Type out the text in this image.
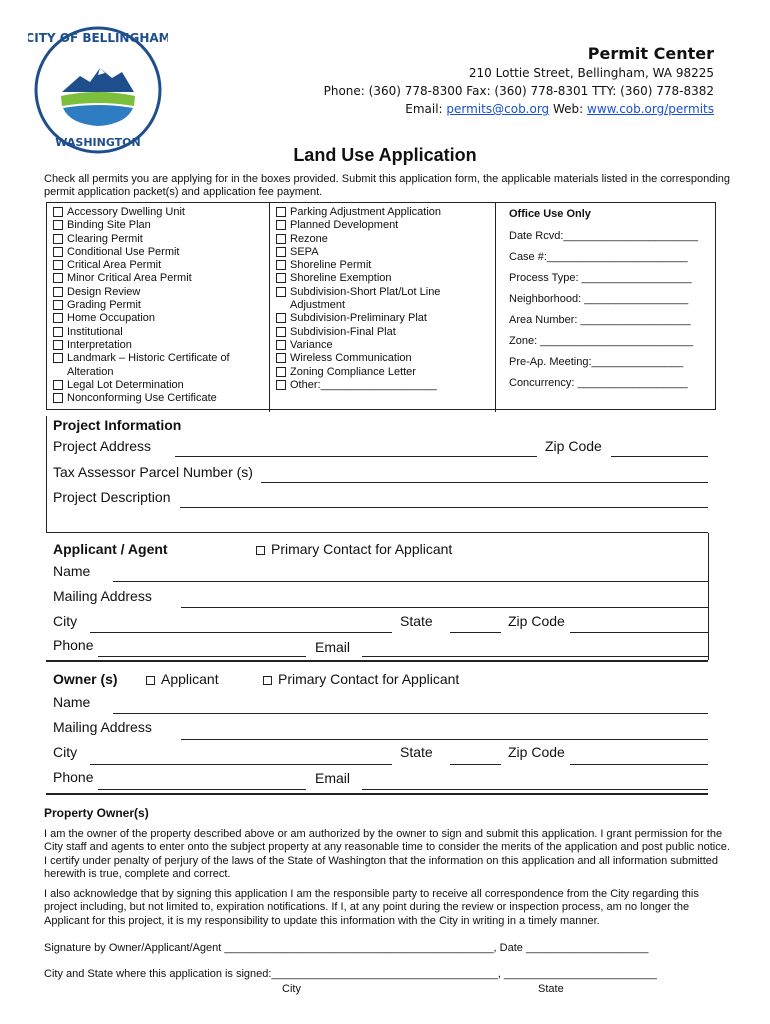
CITY OF BELLINGHAM
WASHINGTON
Permit Center
210 Lottie Street, Bellingham, WA 98225
Phone: (360) 778-8300 Fax: (360) 778-8301 TTY: (360) 778-8382
Email: permits@cob.org Web: www.cob.org/permits
Land Use Application
Check all permits you are applying for in the boxes provided. Submit this application form, the applicable materials listed in the corresponding permit application packet(s) and application fee payment.
Accessory Dwelling Unit
Binding Site Plan
Clearing Permit
Conditional Use Permit
Critical Area Permit
Minor Critical Area Permit
Design Review
Grading Permit
Home Occupation
Institutional
Interpretation
Landmark – Historic Certificate of Alteration
Legal Lot Determination
Nonconforming Use Certificate
Parking Adjustment Application
Planned Development
Rezone
SEPA
Shoreline Permit
Shoreline Exemption
Subdivision-Short Plat/Lot Line Adjustment
Subdivision-Preliminary Plat
Subdivision-Final Plat
Variance
Wireless Communication
Zoning Compliance Letter
Other:___________________
Office Use Only
Date Rcvd:______________________
Case #:_______________________
Process Type: __________________
Neighborhood: _________________
Area Number: __________________
Zone: _________________________
Pre-Ap. Meeting:_______________
Concurrency: __________________
Project Information
Project Address	Zip Code
Tax Assessor Parcel Number (s)
Project Description
Applicant / Agent	Primary Contact for Applicant
Name
Mailing Address
City	State	Zip Code
Phone	Email
Owner (s)	Applicant	Primary Contact for Applicant
Name
Mailing Address
City	State	Zip Code
Phone	Email
Property Owner(s)
I am the owner of the property described above or am authorized by the owner to sign and submit this application. I grant permission for the City staff and agents to enter onto the subject property at any reasonable time to consider the merits of the application and post public notice. I certify under penalty of perjury of the laws of the State of Washington that the information on this application and all information submitted herewith is true, complete and correct.
I also acknowledge that by signing this application I am the responsible party to receive all correspondence from the City regarding this project including, but not limited to, expiration notifications. If I, at any point during the review or inspection process, am no longer the Applicant for this project, it is my responsibility to update this information with the City in writing in a timely manner.
Signature by Owner/Applicant/Agent ____________________________________________, Date ____________________
City and State where this application is signed:_____________________________________, _________________________
City	State
